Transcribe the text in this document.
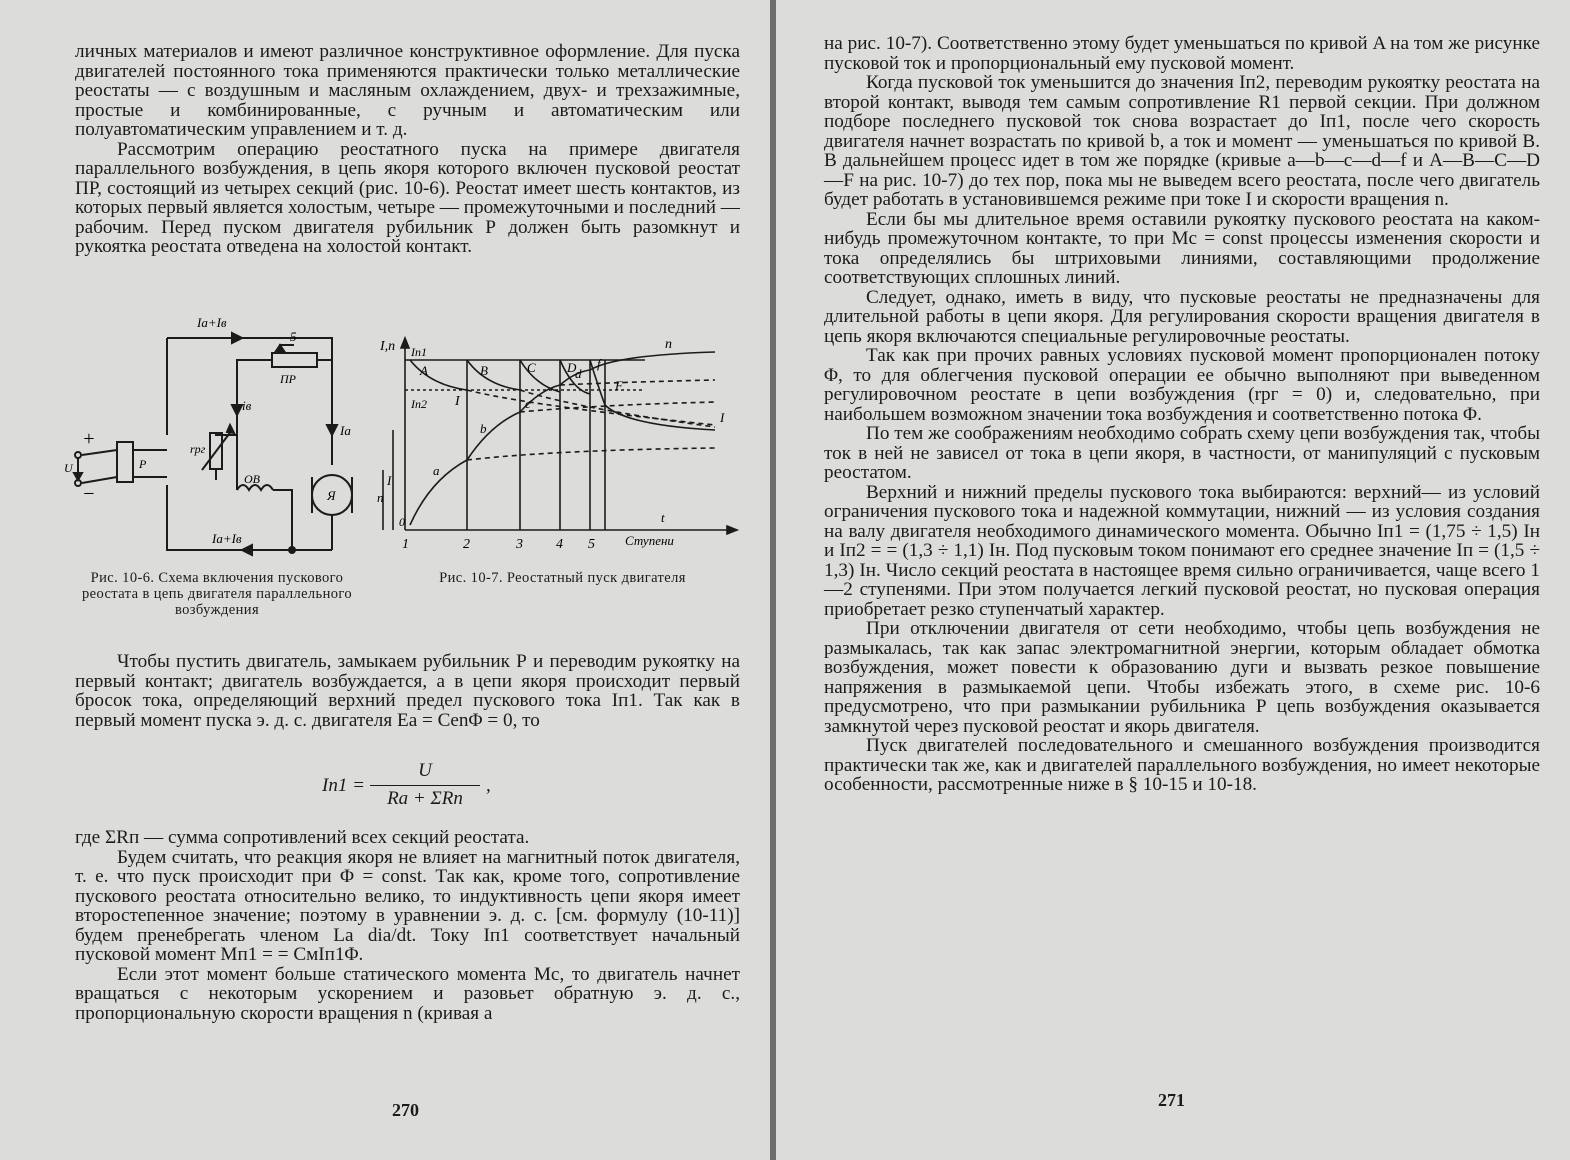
личных материалов и имеют различное конструктивное оформление. Для пуска двигателей постоянного тока применяются практически только металлические реостаты — с воздушным и масляным охлаждением, двух- и трехзажимные, простые и комбинированные, с ручным и автоматическим или полуавтоматическим управлением и т. д.

Рассмотрим операцию реостатного пуска на примере двигателя параллельного возбуждения, в цепь якоря которого включен пусковой реостат ПР, состоящий из четырех секций (рис. 10-6). Реостат имеет шесть контактов, из которых первый является холостым, четыре — промежуточными и последний — рабочим. Перед пуском двигателя рубильник Р должен быть разомкнут и рукоятка реостата отведена на холостой контакт.

Iа+Iв
5
ПР
iв
Iа
rрг
ОВ
Я
Iа+Iв
Р
+
−
U
I,n Iп1
Iп2 I
n
n
I
I
t
Ступени
0
A	B	C D
F
a
b
c
d
f
1	2	3 4 5
Рис. 10-6. Схема включения пускового реостата в цепь двигателя параллельного возбуждения
Рис. 10-7. Реостатный пуск двигателя

Чтобы пустить двигатель, замыкаем рубильник Р и переводим рукоятку на первый контакт; двигатель возбуждается, а в цепи якоря происходит первый бросок тока, определяющий верхний предел пускового тока Iп1. Так как в первый момент пуска э. д. с. двигателя Eа = CеnΦ = 0, то

Iп1 =
U
Rа + ΣRп
,

где ΣRп — сумма сопротивлений всех секций реостата.

Будем считать, что реакция якоря не влияет на магнитный поток двигателя, т. е. что пуск происходит при Φ = const. Так как, кроме того, сопротивление пускового реостата относительно велико, то индуктивность цепи якоря имеет второстепенное значение; поэтому в уравнении э. д. с. [см. формулу (10-11)] будем пренебрегать членом La dia/dt. Току Iп1 соответствует начальный пусковой момент Mп1 = = CмIп1Φ.

Если этот момент больше статического момента Mс, то двигатель начнет вращаться с некоторым ускорением и разовьет обратную э. д. с., пропорциональную скорости вращения n (кривая a

270

на рис. 10-7). Соответственно этому будет уменьшаться по кривой A на том же рисунке пусковой ток и пропорциональный ему пусковой момент.

Когда пусковой ток уменьшится до значения Iп2, переводим рукоятку реостата на второй контакт, выводя тем самым сопротивление R1 первой секции. При должном подборе последнего пусковой ток снова возрастает до Iп1, после чего скорость двигателя начнет возрастать по кривой b, а ток и момент — уменьшаться по кривой B. В дальнейшем процесс идет в том же порядке (кривые a—b—c—d—f и A—B—C—D—F на рис. 10-7) до тех пор, пока мы не выведем всего реостата, после чего двигатель будет работать в установившемся режиме при токе I и скорости вращения n.

Если бы мы длительное время оставили рукоятку пускового реостата на каком-нибудь промежуточном контакте, то при Mс = const процессы изменения скорости и тока определялись бы штриховыми линиями, составляющими продолжение соответствующих сплошных линий.

Следует, однако, иметь в виду, что пусковые реостаты не предназначены для длительной работы в цепи якоря. Для регулирования скорости вращения двигателя в цепь якоря включаются специальные регулировочные реостаты.

Так как при прочих равных условиях пусковой момент пропорционален потоку Φ, то для облегчения пусковой операции ее обычно выполняют при выведенном регулировочном реостате в цепи возбуждения (rрг = 0) и, следовательно, при наибольшем возможном значении тока возбуждения и соответственно потока Φ.

По тем же соображениям необходимо собрать схему цепи возбуждения так, чтобы ток в ней не зависел от тока в цепи якоря, в частности, от манипуляций с пусковым реостатом.

Верхний и нижний пределы пускового тока выбираются: верхний— из условий ограничения пускового тока и надежной коммутации, нижний — из условия создания на валу двигателя необходимого динамического момента. Обычно Iп1 = (1,75 ÷ 1,5) Iн и Iп2 = = (1,3 ÷ 1,1) Iн. Под пусковым током понимают его среднее значение Iп = (1,5 ÷ 1,3) Iн. Число секций реостата в настоящее время сильно ограничивается, чаще всего 1—2 ступенями. При этом получается легкий пусковой реостат, но пусковая операция приобретает резко ступенчатый характер.

При отключении двигателя от сети необходимо, чтобы цепь возбуждения не размыкалась, так как запас электромагнитной энергии, которым обладает обмотка возбуждения, может повести к образованию дуги и вызвать резкое повышение напряжения в размыкаемой цепи. Чтобы избежать этого, в схеме рис. 10-6 предусмотрено, что при размыкании рубильника Р цепь возбуждения оказывается замкнутой через пусковой реостат и якорь двигателя.

Пуск двигателей последовательного и смешанного возбуждения производится практически так же, как и двигателей параллельного возбуждения, но имеет некоторые особенности, рассмотренные ниже в § 10-15 и 10-18.

271
